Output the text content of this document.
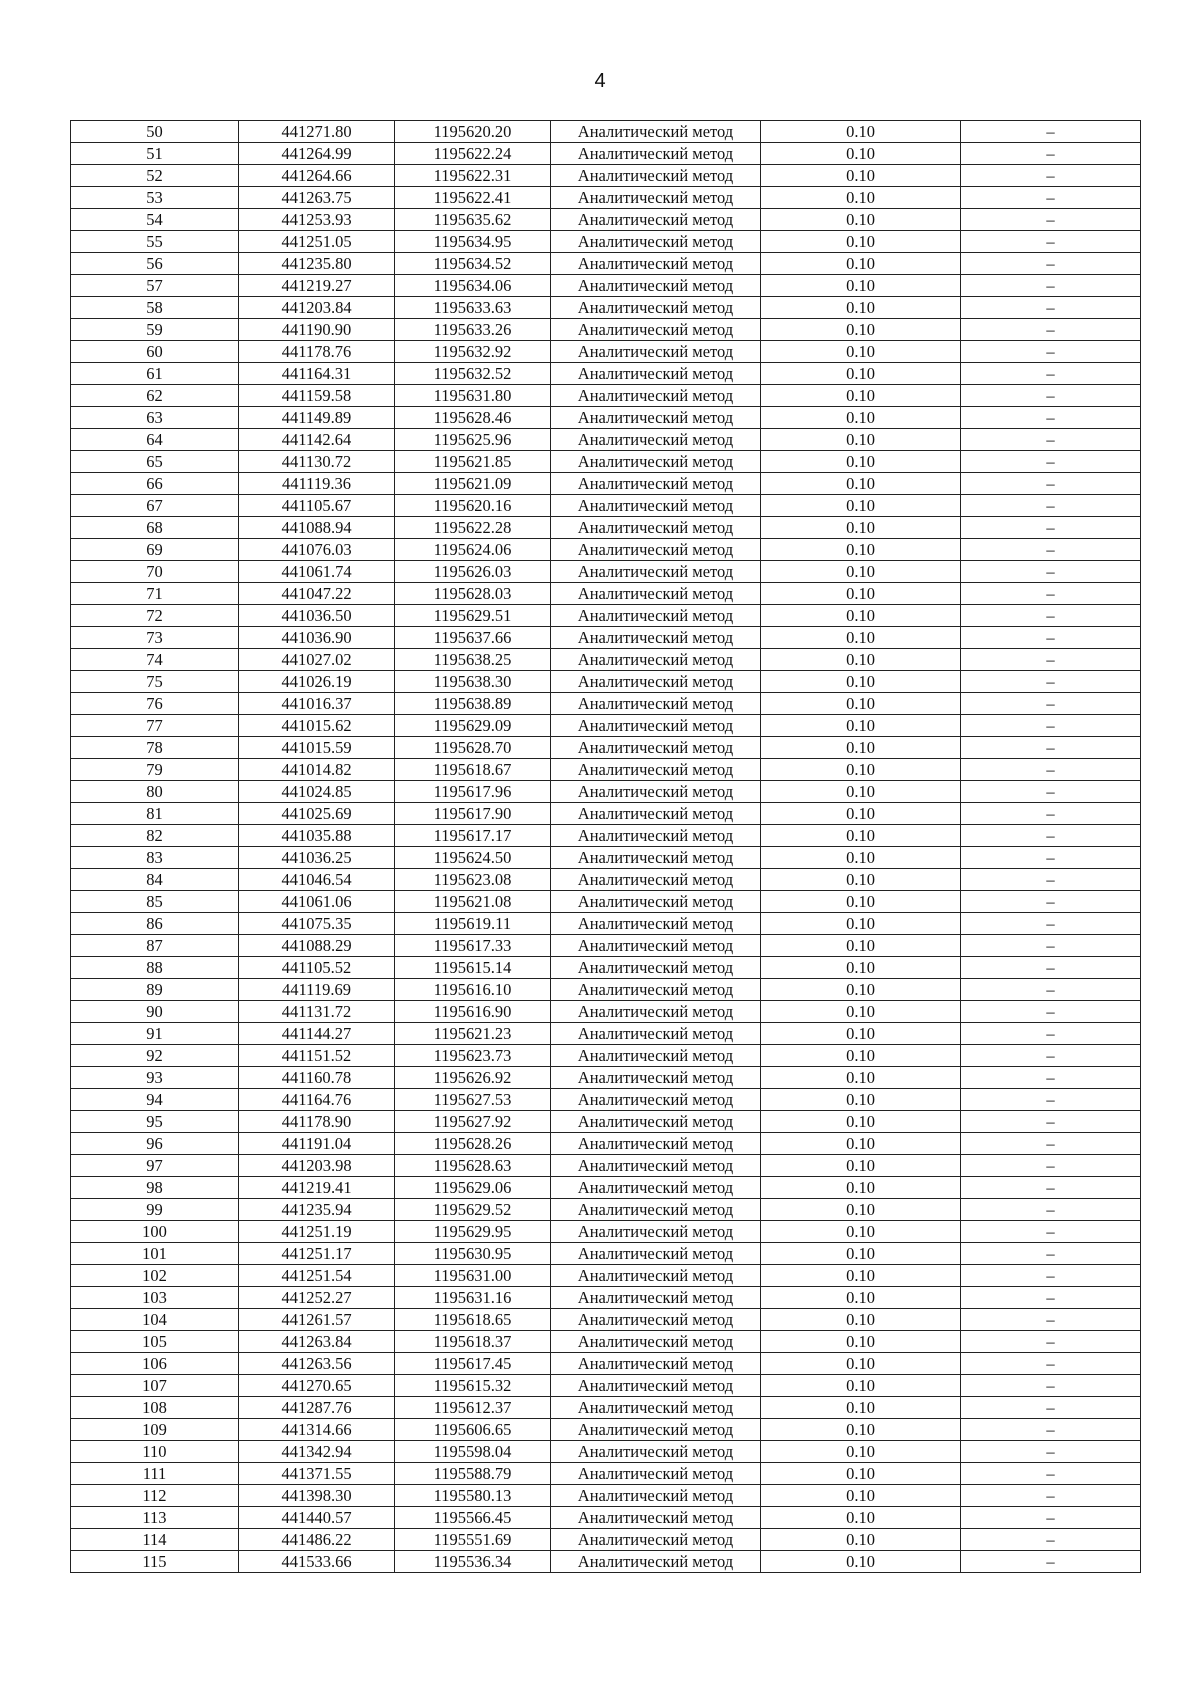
4
50	441271.80	1195620.20	Аналитический метод	0.10	–
51	441264.99	1195622.24	Аналитический метод	0.10	–
52	441264.66	1195622.31	Аналитический метод	0.10	–
53	441263.75	1195622.41	Аналитический метод	0.10	–
54	441253.93	1195635.62	Аналитический метод	0.10	–
55	441251.05	1195634.95	Аналитический метод	0.10	–
56	441235.80	1195634.52	Аналитический метод	0.10	–
57	441219.27	1195634.06	Аналитический метод	0.10	–
58	441203.84	1195633.63	Аналитический метод	0.10	–
59	441190.90	1195633.26	Аналитический метод	0.10	–
60	441178.76	1195632.92	Аналитический метод	0.10	–
61	441164.31	1195632.52	Аналитический метод	0.10	–
62	441159.58	1195631.80	Аналитический метод	0.10	–
63	441149.89	1195628.46	Аналитический метод	0.10	–
64	441142.64	1195625.96	Аналитический метод	0.10	–
65	441130.72	1195621.85	Аналитический метод	0.10	–
66	441119.36	1195621.09	Аналитический метод	0.10	–
67	441105.67	1195620.16	Аналитический метод	0.10	–
68	441088.94	1195622.28	Аналитический метод	0.10	–
69	441076.03	1195624.06	Аналитический метод	0.10	–
70	441061.74	1195626.03	Аналитический метод	0.10	–
71	441047.22	1195628.03	Аналитический метод	0.10	–
72	441036.50	1195629.51	Аналитический метод	0.10	–
73	441036.90	1195637.66	Аналитический метод	0.10	–
74	441027.02	1195638.25	Аналитический метод	0.10	–
75	441026.19	1195638.30	Аналитический метод	0.10	–
76	441016.37	1195638.89	Аналитический метод	0.10	–
77	441015.62	1195629.09	Аналитический метод	0.10	–
78	441015.59	1195628.70	Аналитический метод	0.10	–
79	441014.82	1195618.67	Аналитический метод	0.10	–
80	441024.85	1195617.96	Аналитический метод	0.10	–
81	441025.69	1195617.90	Аналитический метод	0.10	–
82	441035.88	1195617.17	Аналитический метод	0.10	–
83	441036.25	1195624.50	Аналитический метод	0.10	–
84	441046.54	1195623.08	Аналитический метод	0.10	–
85	441061.06	1195621.08	Аналитический метод	0.10	–
86	441075.35	1195619.11	Аналитический метод	0.10	–
87	441088.29	1195617.33	Аналитический метод	0.10	–
88	441105.52	1195615.14	Аналитический метод	0.10	–
89	441119.69	1195616.10	Аналитический метод	0.10	–
90	441131.72	1195616.90	Аналитический метод	0.10	–
91	441144.27	1195621.23	Аналитический метод	0.10	–
92	441151.52	1195623.73	Аналитический метод	0.10	–
93	441160.78	1195626.92	Аналитический метод	0.10	–
94	441164.76	1195627.53	Аналитический метод	0.10	–
95	441178.90	1195627.92	Аналитический метод	0.10	–
96	441191.04	1195628.26	Аналитический метод	0.10	–
97	441203.98	1195628.63	Аналитический метод	0.10	–
98	441219.41	1195629.06	Аналитический метод	0.10	–
99	441235.94	1195629.52	Аналитический метод	0.10	–
100	441251.19	1195629.95	Аналитический метод	0.10	–
101	441251.17	1195630.95	Аналитический метод	0.10	–
102	441251.54	1195631.00	Аналитический метод	0.10	–
103	441252.27	1195631.16	Аналитический метод	0.10	–
104	441261.57	1195618.65	Аналитический метод	0.10	–
105	441263.84	1195618.37	Аналитический метод	0.10	–
106	441263.56	1195617.45	Аналитический метод	0.10	–
107	441270.65	1195615.32	Аналитический метод	0.10	–
108	441287.76	1195612.37	Аналитический метод	0.10	–
109	441314.66	1195606.65	Аналитический метод	0.10	–
110	441342.94	1195598.04	Аналитический метод	0.10	–
111	441371.55	1195588.79	Аналитический метод	0.10	–
112	441398.30	1195580.13	Аналитический метод	0.10	–
113	441440.57	1195566.45	Аналитический метод	0.10	–
114	441486.22	1195551.69	Аналитический метод	0.10	–
115	441533.66	1195536.34	Аналитический метод	0.10	–
